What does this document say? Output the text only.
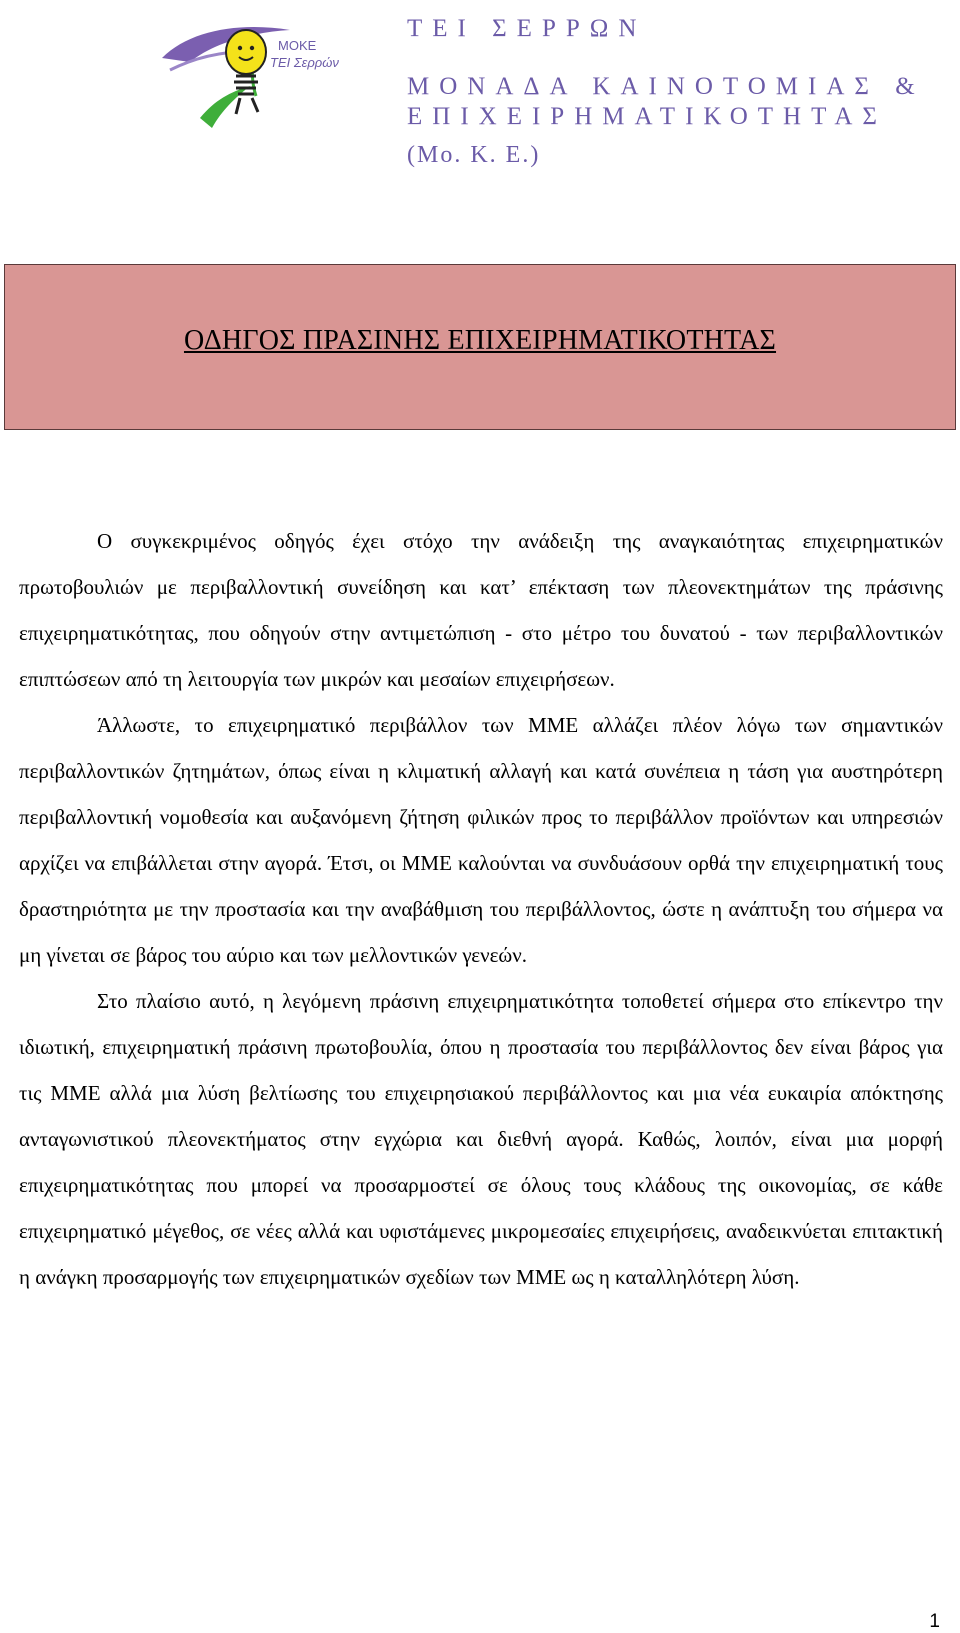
ΜΟΚΕ
ΤΕΙ Σερρών
ΤΕΙ ΣΕΡΡΩΝ
ΜΟΝΑΔΑ ΚΑΙΝΟΤΟΜΙΑΣ &
ΕΠΙΧΕΙΡΗΜΑΤΙΚΟΤΗΤΑΣ
(Μο. Κ. Ε.)
ΟΔΗΓΟΣ ΠΡΑΣΙΝΗΣ ΕΠΙΧΕΙΡΗΜΑΤΙΚΟΤΗΤΑΣ

Ο συγκεκριμένος οδηγός έχει στόχο την ανάδειξη της αναγκαιότητας επιχειρηματικών πρωτοβουλιών με περιβαλλοντική συνείδηση και κατ’ επέκταση των πλεονεκτημάτων της πράσινης επιχειρηματικότητας, που οδηγούν στην αντιμετώπιση - στο μέτρο του δυνατού - των περιβαλλοντικών επιπτώσεων από τη λειτουργία των μικρών και μεσαίων επιχειρήσεων.

Άλλωστε, το επιχειρηματικό περιβάλλον των ΜΜΕ αλλάζει πλέον λόγω των σημαντικών περιβαλλοντικών ζητημάτων, όπως είναι η κλιματική αλλαγή και κατά συνέπεια η τάση για αυστηρότερη περιβαλλοντική νομοθεσία και αυξανόμενη ζήτηση φιλικών προς το περιβάλλον προϊόντων και υπηρεσιών αρχίζει να επιβάλλεται στην αγορά. Έτσι, οι ΜΜΕ καλούνται να συνδυάσουν ορθά την επιχειρηματική τους δραστηριότητα με την προστασία και την αναβάθμιση του περιβάλλοντος, ώστε η ανάπτυξη του σήμερα να μη γίνεται σε βάρος του αύριο και των μελλοντικών γενεών.

Στο πλαίσιο αυτό, η λεγόμενη πράσινη επιχειρηματικότητα τοποθετεί σήμερα στο επίκεντρο την ιδιωτική, επιχειρηματική πράσινη πρωτοβουλία, όπου η προστασία του περιβάλλοντος δεν είναι βάρος για τις ΜΜΕ αλλά μια λύση βελτίωσης του επιχειρησιακού περιβάλλοντος και μια νέα ευκαιρία απόκτησης ανταγωνιστικού πλεονεκτήματος στην εγχώρια και διεθνή αγορά. Καθώς, λοιπόν, είναι μια μορφή επιχειρηματικότητας που μπορεί να προσαρμοστεί σε όλους τους κλάδους της οικονομίας, σε κάθε επιχειρηματικό μέγεθος, σε νέες αλλά και υφιστάμενες μικρομεσαίες επιχειρήσεις, αναδεικνύεται επιτακτική η ανάγκη προσαρμογής των επιχειρηματικών σχεδίων των ΜΜΕ ως η καταλληλότερη λύση.

1
